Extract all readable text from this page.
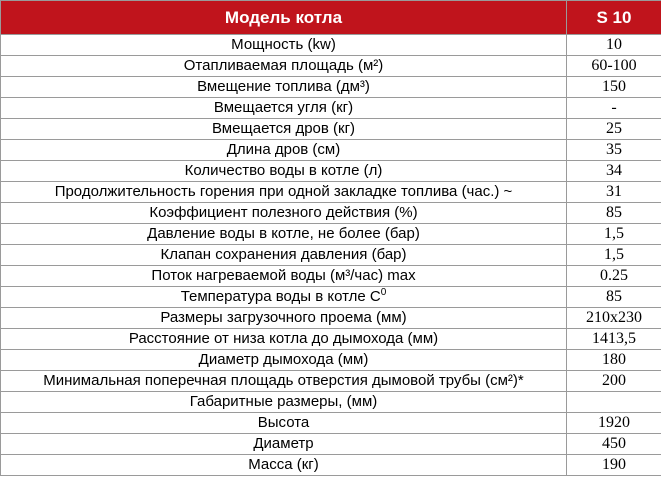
Модель котла	S 10
Мощность (kw)	10
Отапливаемая площадь (м²)	60-100
Вмещение топлива (дм³)	150
Вмещается угля (кг)	-
Вмещается дров (кг)	25
Длина дров (см)	35
Количество воды в котле (л)	34
Продолжительность горения при одной закладке топлива (час.) ~	31
Коэффициент полезного действия (%)	85
Давление воды в котле, не более (бар)	1,5
Клапан сохранения давления (бар)	1,5
Поток нагреваемой воды (м³/час) max	0.25
Температура воды в котле $С^0$	85
Размеры загрузочного проема (мм)	210x230
Расстояние от низа котла до дымохода (мм)	1413,5
Диаметр дымохода (мм)	180
Минимальная поперечная площадь отверстия дымовой трубы (см²)*	200
Габаритные размеры, (мм)	
Высота	1920
Диаметр	450
Масса (кг)	190
